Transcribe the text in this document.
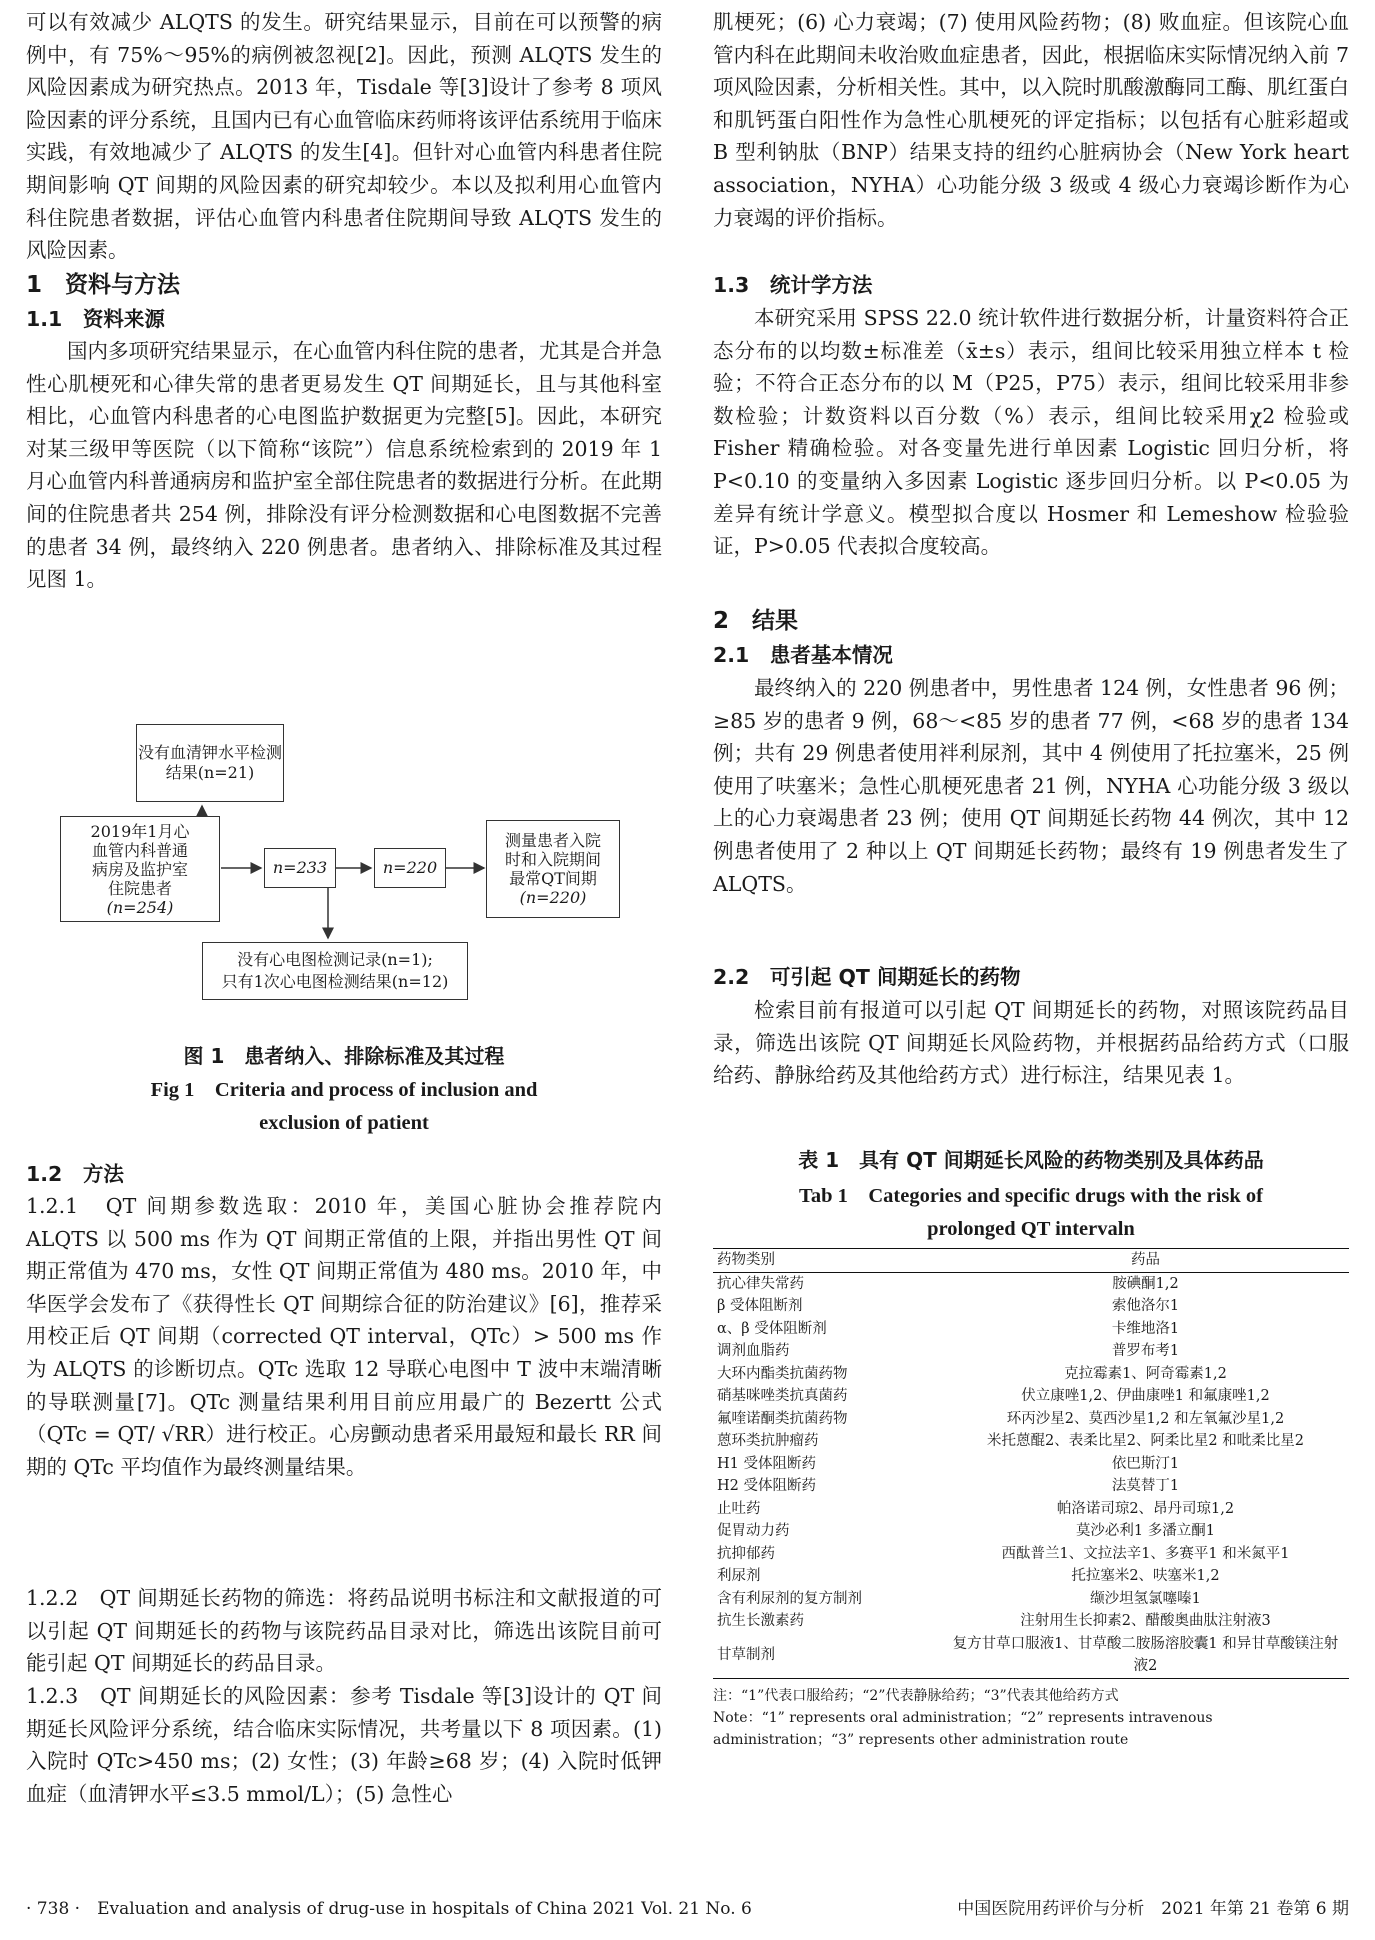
可以有效减少 ALQTS 的发生。研究结果显示，目前在可以预警的病例中，有 75%～95%的病例被忽视[2]。因此，预测 ALQTS 发生的风险因素成为研究热点。2013 年，Tisdale 等[3]设计了参考 8 项风险因素的评分系统，且国内已有心血管临床药师将该评估系统用于临床实践，有效地减少了 ALQTS 的发生[4]。但针对心血管内科患者住院期间影响 QT 间期的风险因素的研究却较少。本以及拟利用心血管内科住院患者数据，评估心血管内科患者住院期间导致 ALQTS 发生的风险因素。

1　资料与方法

1.1　资料来源

国内多项研究结果显示，在心血管内科住院的患者，尤其是合并急性心肌梗死和心律失常的患者更易发生 QT 间期延长，且与其他科室相比，心血管内科患者的心电图监护数据更为完整[5]。因此，本研究对某三级甲等医院（以下简称“该院”）信息系统检索到的 2019 年 1 月心血管内科普通病房和监护室全部住院患者的数据进行分析。在此期间的住院患者共 254 例，排除没有评分检测数据和心电图数据不完善的患者 34 例，最终纳入 220 例患者。患者纳入、排除标准及其过程见图 1。

没有血清钾水平检测结果(n=21)
2019年1月心
血管内科普通
病房及监护室
住院患者
(n=254)
n=233	n=220
测量患者入院
时和入院期间
最常QT间期
(n=220)
没有心电图检测记录(n=1);
只有1次心电图检测结果(n=12)

图 1　患者纳入、排除标准及其过程

Fig 1　Criteria and process of inclusion and

exclusion of patient

1.2　方法

1.2.1　QT 间期参数选取：2010 年，美国心脏协会推荐院内 ALQTS 以 500 ms 作为 QT 间期正常值的上限，并指出男性 QT 间期正常值为 470 ms，女性 QT 间期正常值为 480 ms。2010 年，中华医学会发布了《获得性长 QT 间期综合征的防治建议》[6]，推荐采用校正后 QT 间期（corrected QT interval，QTc）> 500 ms 作为 ALQTS 的诊断切点。QTc 选取 12 导联心电图中 T 波中末端清晰的导联测量[7]。QTc 测量结果利用目前应用最广的 Bezertt 公式（QTc = QT/ √RR）进行校正。心房颤动患者采用最短和最长 RR 间期的 QTc 平均值作为最终测量结果。

1.2.2　QT 间期延长药物的筛选：将药品说明书标注和文献报道的可以引起 QT 间期延长的药物与该院药品目录对比，筛选出该院目前可能引起 QT 间期延长的药品目录。

1.2.3　QT 间期延长的风险因素：参考 Tisdale 等[3]设计的 QT 间期延长风险评分系统，结合临床实际情况，共考量以下 8 项因素。(1) 入院时 QTc>450 ms；(2) 女性；(3) 年龄≥68 岁；(4) 入院时低钾血症（血清钾水平≤3.5 mmol/L）；(5) 急性心

肌梗死；(6) 心力衰竭；(7) 使用风险药物；(8) 败血症。但该院心血管内科在此期间未收治败血症患者，因此，根据临床实际情况纳入前 7 项风险因素，分析相关性。其中，以入院时肌酸激酶同工酶、肌红蛋白和肌钙蛋白阳性作为急性心肌梗死的评定指标；以包括有心脏彩超或 B 型利钠肽（BNP）结果支持的纽约心脏病协会（New York heart association，NYHA）心功能分级 3 级或 4 级心力衰竭诊断作为心力衰竭的评价指标。

1.3　统计学方法

本研究采用 SPSS 22.0 统计软件进行数据分析，计量资料符合正态分布的以均数±标准差（x̄±s）表示，组间比较采用独立样本 t 检验；不符合正态分布的以 M（P25，P75）表示，组间比较采用非参数检验；计数资料以百分数（%）表示，组间比较采用χ2 检验或 Fisher 精确检验。对各变量先进行单因素 Logistic 回归分析，将 P<0.10 的变量纳入多因素 Logistic 逐步回归分析。以 P<0.05 为差异有统计学意义。模型拟合度以 Hosmer 和 Lemeshow 检验验证，P>0.05 代表拟合度较高。

2　结果

2.1　患者基本情况

最终纳入的 220 例患者中，男性患者 124 例，女性患者 96 例；≥85 岁的患者 9 例，68～<85 岁的患者 77 例，<68 岁的患者 134 例；共有 29 例患者使用袢利尿剂，其中 4 例使用了托拉塞米，25 例使用了呋塞米；急性心肌梗死患者 21 例，NYHA 心功能分级 3 级以上的心力衰竭患者 23 例；使用 QT 间期延长药物 44 例次，其中 12 例患者使用了 2 种以上 QT 间期延长药物；最终有 19 例患者发生了 ALQTS。

2.2　可引起 QT 间期延长的药物

检索目前有报道可以引起 QT 间期延长的药物，对照该院药品目录，筛选出该院 QT 间期延长风险药物，并根据药品给药方式（口服给药、静脉给药及其他给药方式）进行标注，结果见表 1。

表 1　具有 QT 间期延长风险的药物类别及具体药品

Tab 1　Categories and specific drugs with the risk of

prolonged QT intervaln

药物类别	药品
抗心律失常药	胺碘酮1,2
β 受体阻断剂	索他洛尔1
α、β 受体阻断剂	卡维地洛1
调剂血脂药	普罗布考1
大环内酯类抗菌药物	克拉霉素1、阿奇霉素1,2
硝基咪唑类抗真菌药	伏立康唑1,2、伊曲康唑1 和氟康唑1,2
氟喹诺酮类抗菌药物	环丙沙星2、莫西沙星1,2 和左氧氟沙星1,2
蒽环类抗肿瘤药	米托蒽醌2、表柔比星2、阿柔比星2 和吡柔比星2
H1 受体阻断药	依巴斯汀1
H2 受体阻断药	法莫替丁1
止吐药	帕洛诺司琼2、昂丹司琼1,2
促胃动力药	莫沙必利1 多潘立酮1
抗抑郁药	西酞普兰1、文拉法辛1、多赛平1 和米氮平1
利尿剂	托拉塞米2、呋塞米1,2
含有利尿剂的复方制剂	缬沙坦氢氯噻嗪1
抗生长激素药	注射用生长抑素2、醋酸奥曲肽注射液3
甘草制剂	复方甘草口服液1、甘草酸二胺肠溶胶囊1 和异甘草酸镁注射液2

注：“1”代表口服给药；“2”代表静脉给药；“3”代表其他给药方式

Note：“1” represents oral administration；“2” represents intravenous administration；“3” represents other administration route

· 738 ·　Evaluation and analysis of drug-use in hospitals of China 2021 Vol. 21 No. 6	中国医院用药评价与分析　2021 年第 21 卷第 6 期
